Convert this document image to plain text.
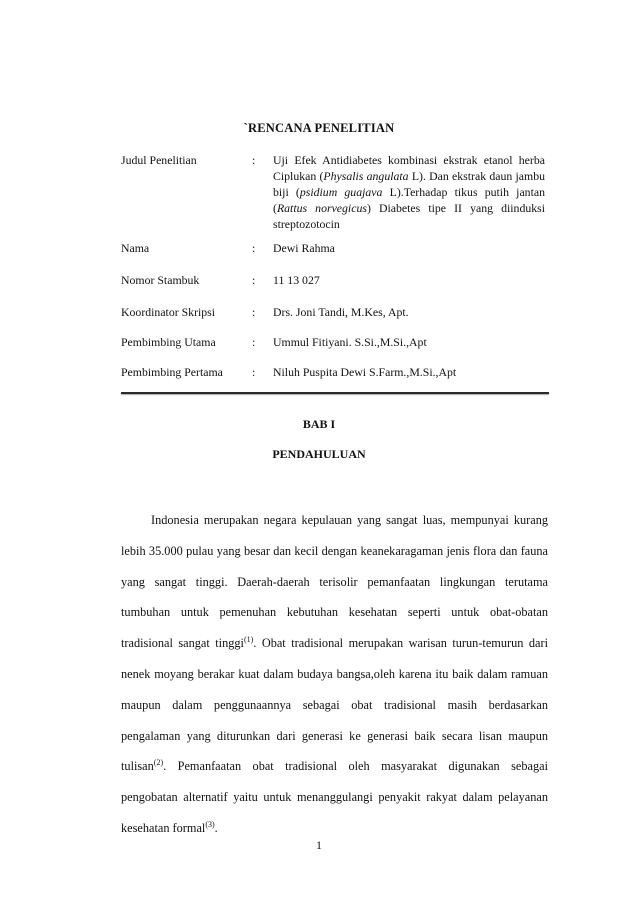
`RENCANA PENELITIAN
Judul Penelitian	: Uji Efek Antidiabetes kombinasi ekstrak etanol herba Ciplukan (Physalis angulata L). Dan ekstrak daun jambu biji (psidium guajava L).Terhadap tikus putih jantan (Rattus norvegicus) Diabetes tipe II yang diinduksi streptozotocin
Nama	: Dewi Rahma
Nomor Stambuk	: 11 13 027
Koordinator Skripsi	: Drs. Joni Tandi, M.Kes, Apt.
Pembimbing Utama	: Ummul Fitiyani. S.Si.,M.Si.,Apt
Pembimbing Pertama : Niluh Puspita Dewi S.Farm.,M.Si.,Apt
BAB I
PENDAHULUAN

Indonesia merupakan negara kepulauan yang sangat luas, mempunyai kurang lebih 35.000 pulau yang besar dan kecil dengan keanekaragaman jenis flora dan fauna yang sangat tinggi. Daerah-daerah terisolir pemanfaatan lingkungan terutama tumbuhan untuk pemenuhan kebutuhan kesehatan seperti untuk obat-obatan tradisional sangat tinggi$^{(1)}$. Obat tradisional merupakan warisan turun-temurun dari nenek moyang berakar kuat dalam budaya bangsa,oleh karena itu baik dalam ramuan maupun dalam penggunaannya sebagai obat tradisional masih berdasarkan pengalaman yang diturunkan dari generasi ke generasi baik secara lisan maupun tulisan$^{(2)}$. Pemanfaatan obat tradisional oleh masyarakat digunakan sebagai pengobatan alternatif yaitu untuk menanggulangi penyakit rakyat dalam pelayanan kesehatan formal$^{(3)}$.

1
